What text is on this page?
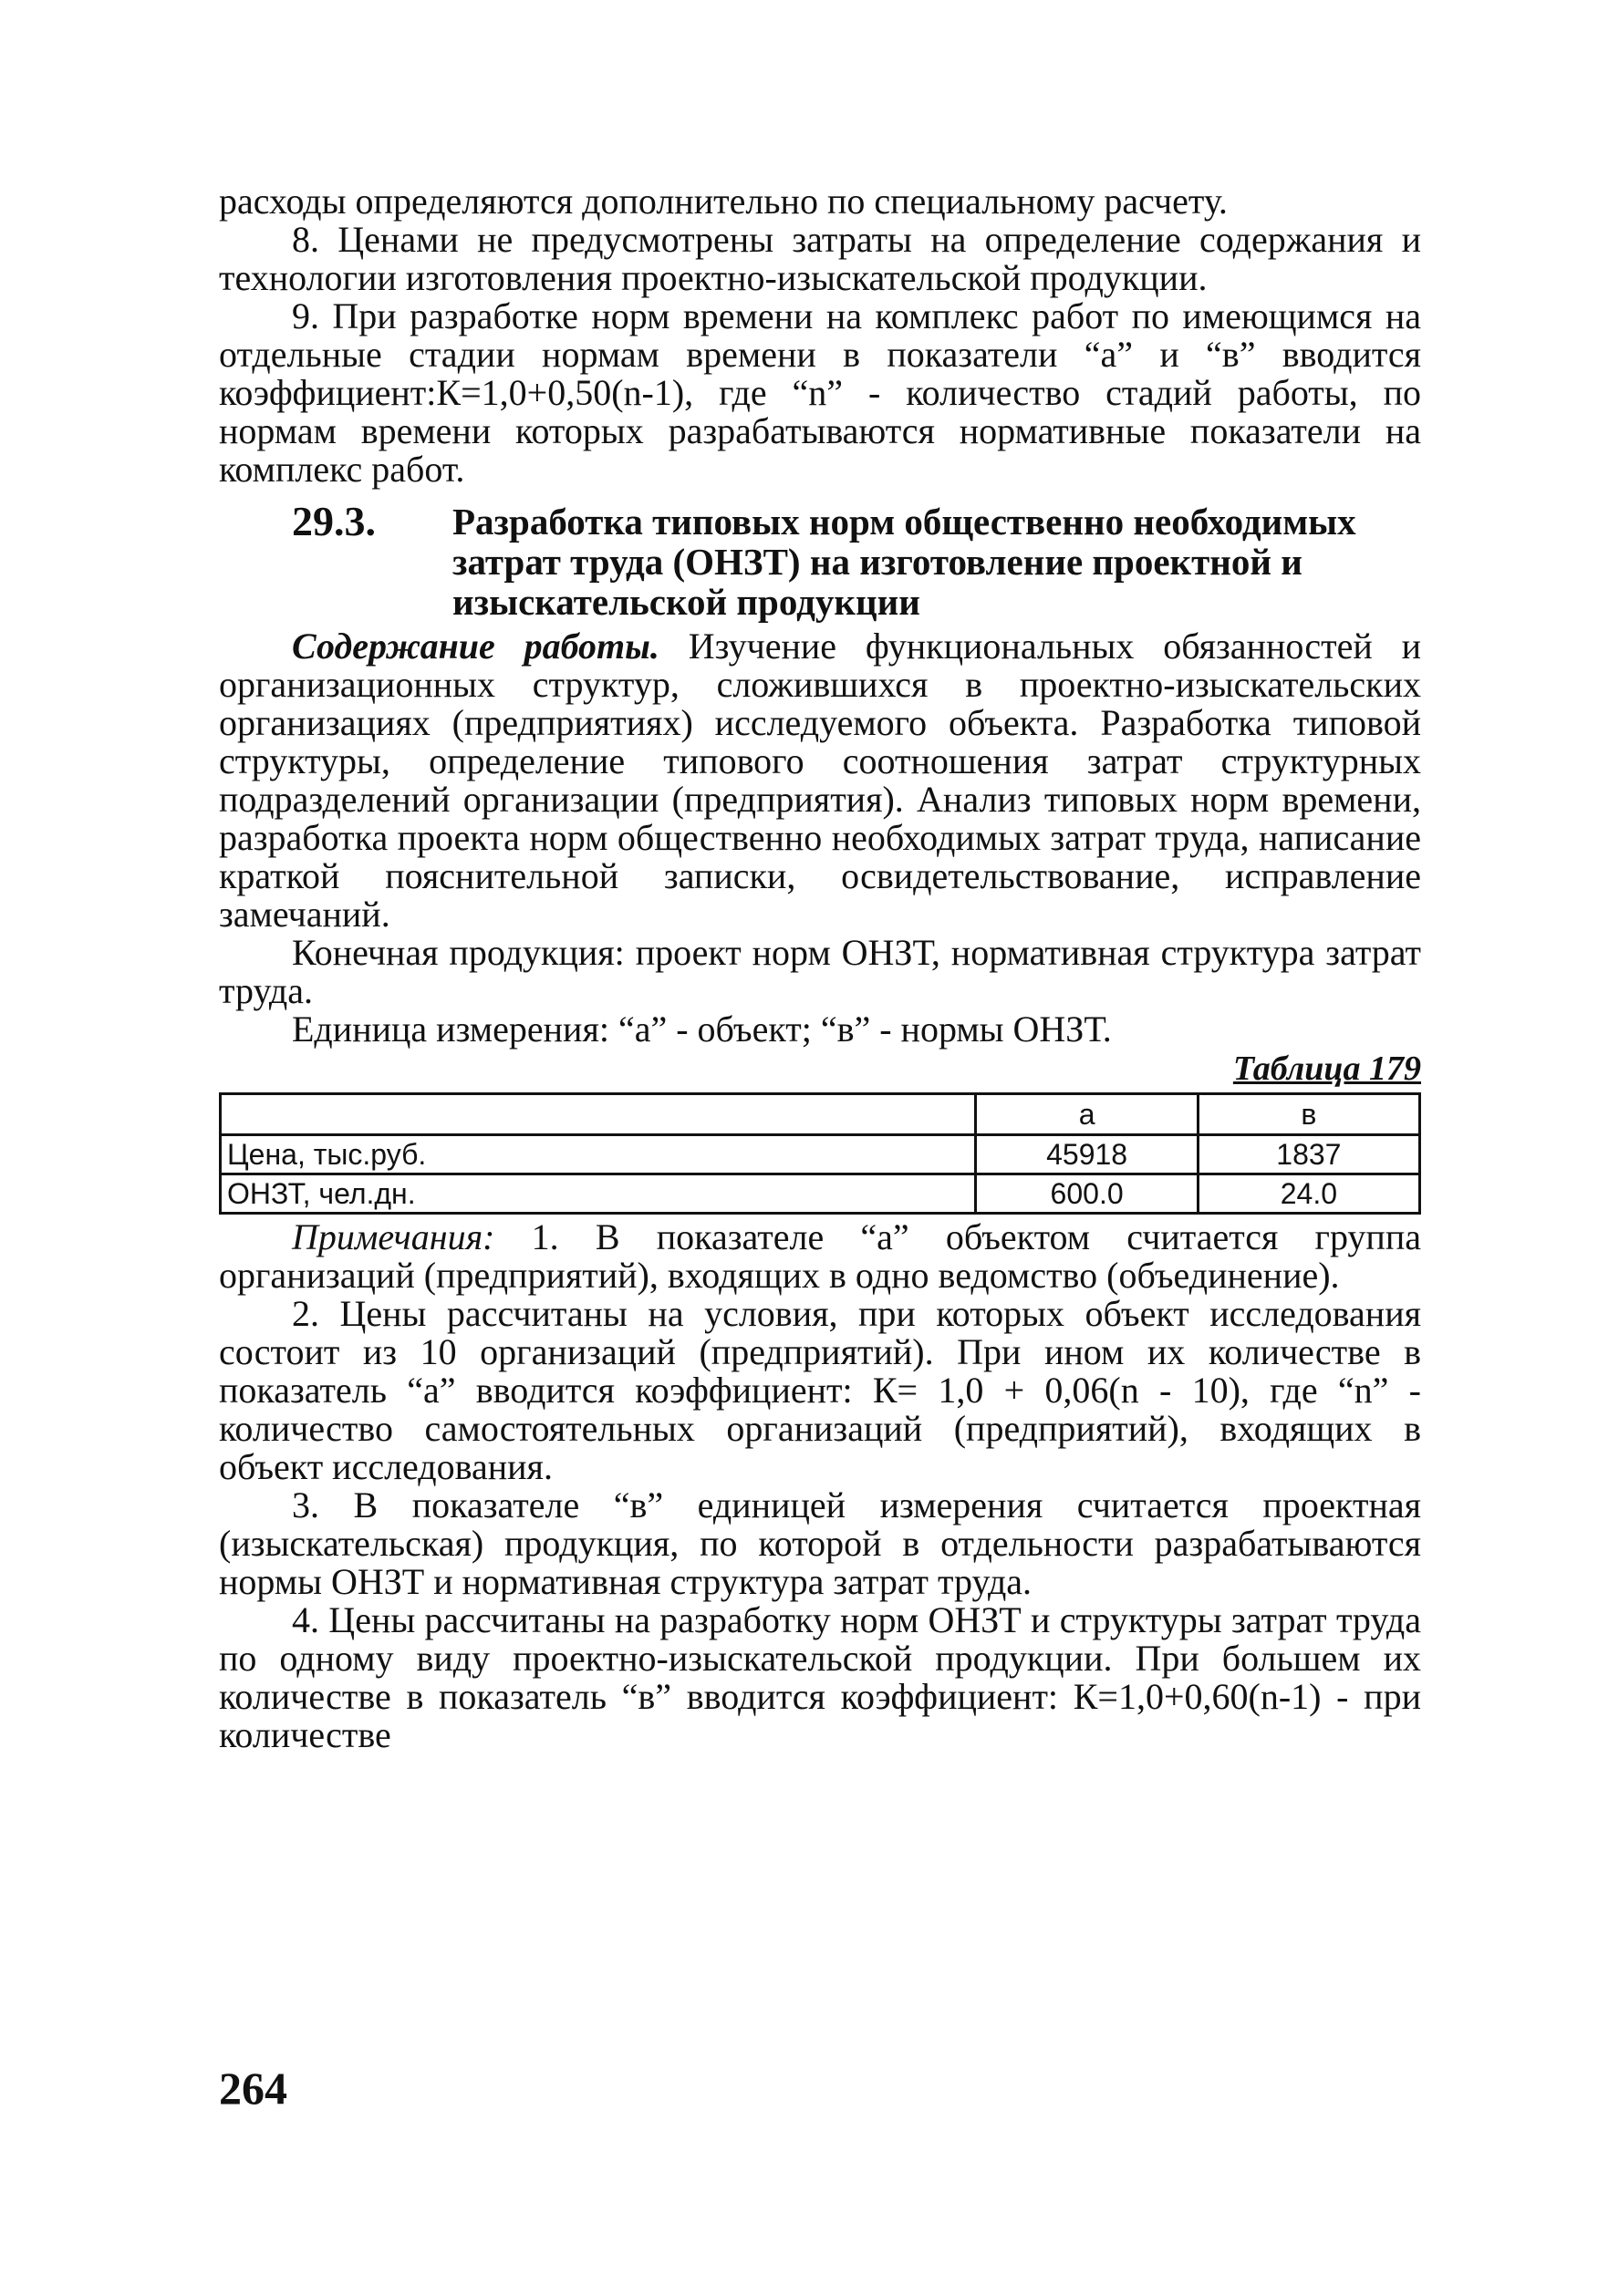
расходы определяются дополнительно по специальному расчету.

8. Ценами не предусмотрены затраты на определение содержания и технологии изготовления проектно-изыскательской продукции.

9. При разработке норм времени на комплекс работ по имеющимся на отдельные стадии нормам времени в показатели “а” и “в” вводится коэффициент:К=1,0+0,50(n-1), где “n” - количество стадий работы, по нормам времени которых разрабатываются нормативные показатели на комплекс работ.

29.3.	Разработка типовых норм общественно необходимых затрат труда (ОНЗТ) на изготовление проектной и изыскательской продукции

Содержание работы. Изучение функциональных обязанностей и организационных структур, сложившихся в проектно-изыскательских организациях (предприятиях) исследуемого объекта. Разработка типовой структуры, определение типового соотношения затрат структурных подразделений организации (предприятия). Анализ типовых норм времени, разработка проекта норм общественно необходимых затрат труда, написание краткой пояснительной записки, освидетельствование, исправление замечаний.

Конечная продукция: проект норм ОНЗТ, нормативная структура затрат труда.

Единица измерения: “а” - объект; “в” - нормы ОНЗТ.

Таблица 179
	а	в
Цена, тыс.руб.	45918	1837
ОНЗТ, чел.дн.	600.0	24.0

Примечания: 1. В показателе “а” объектом считается группа организаций (предприятий), входящих в одно ведомство (объединение).

2. Цены рассчитаны на условия, при которых объект исследования состоит из 10 организаций (предприятий). При ином их количестве в показатель “а” вводится коэффициент: К= 1,0 + 0,06(n - 10), где “n” - количество самостоятельных организаций (предприятий), входящих в объект исследования.

3. В показателе “в” единицей измерения считается проектная (изыскательская) продукция, по которой в отдельности разрабатываются нормы ОНЗТ и нормативная структура затрат труда.

4. Цены рассчитаны на разработку норм ОНЗТ и структуры затрат труда по одному виду проектно-изыскательской продукции. При большем их количестве в показатель “в” вводится коэффициент: К=1,0+0,60(n-1) - при количестве

264
